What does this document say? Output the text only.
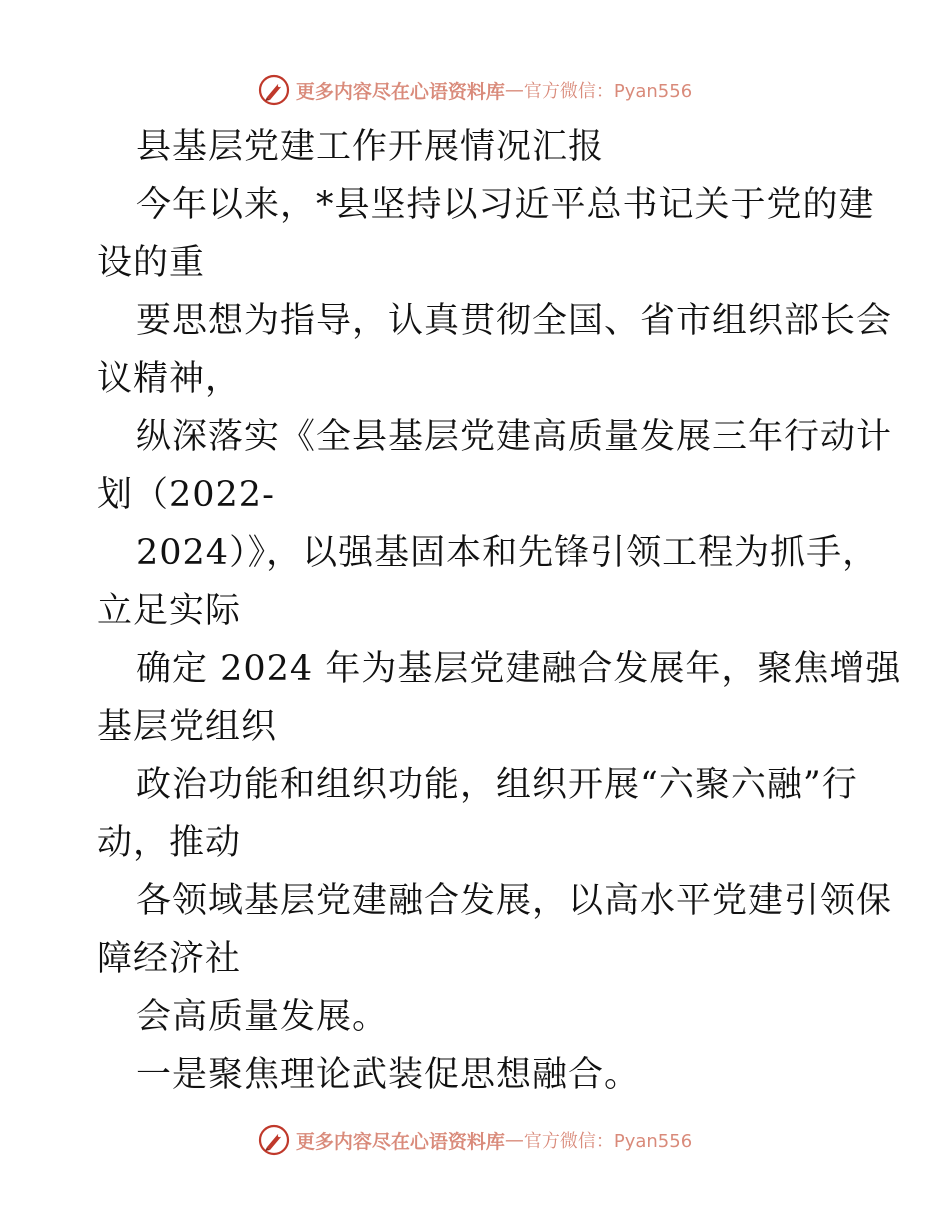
更多内容尽在心语资料库 — 官方微信：Pyan556
县基层党建工作开展情况汇报
今年以来，*县坚持以习近平总书记关于党的建
设的重
要思想为指导，认真贯彻全国、省市组织部长会
议精神，
纵深落实《全县基层党建高质量发展三年行动计
划（2022-
2024）》，以强基固本和先锋引领工程为抓手，
立足实际
确定 2024 年为基层党建融合发展年，聚焦增强
基层党组织
政治功能和组织功能，组织开展“六聚六融”行
动，推动
各领域基层党建融合发展，以高水平党建引领保
障经济社
会高质量发展。
一是聚焦理论武装促思想融合。
更多内容尽在心语资料库 — 官方微信：Pyan556
